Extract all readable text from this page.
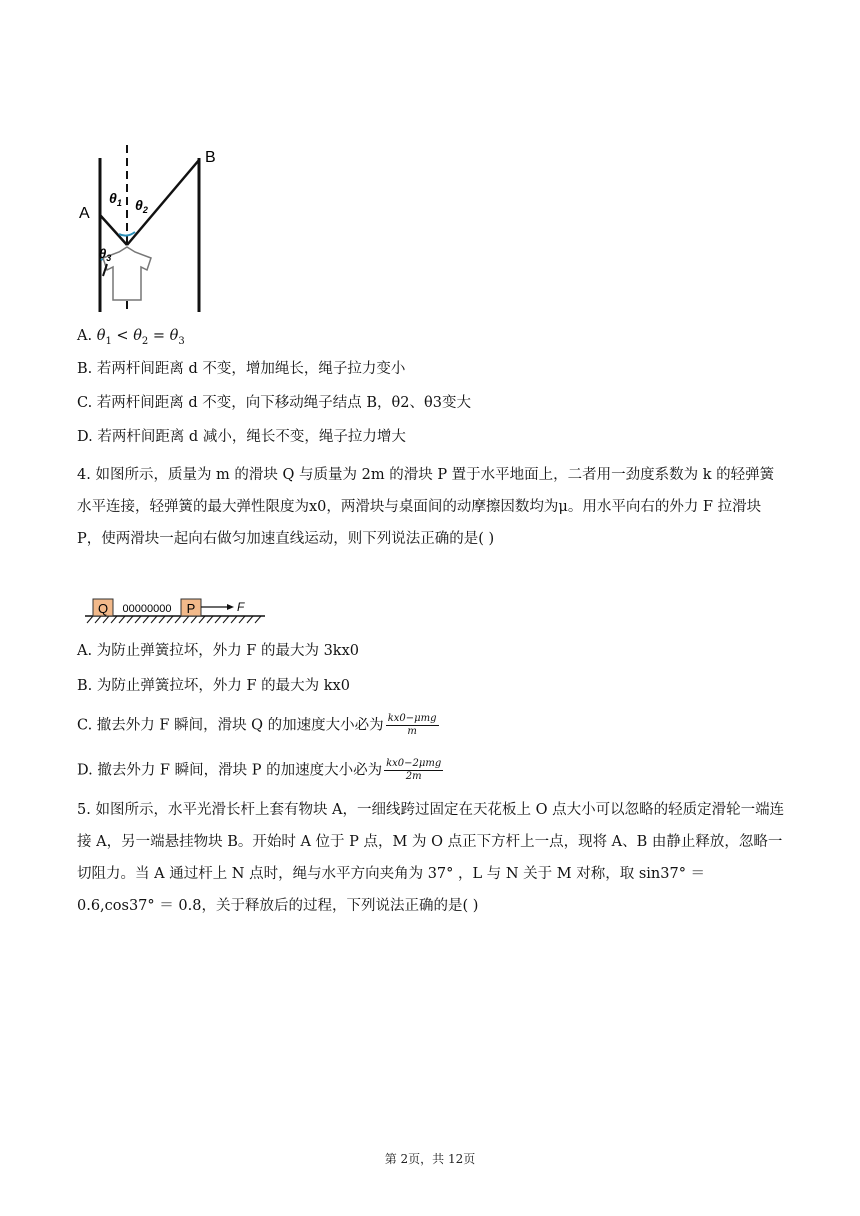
A
B
$\theta_1$ $\theta_2$
$\theta_3$
A. $\theta_1 < \theta_2 = \theta_3$
B. 若两杆间距离 d 不变，增加绳长，绳子拉力变小
C. 若两杆间距离 d 不变，向下移动绳子结点 B，θ2、θ3变大
D. 若两杆间距离 d 减小，绳长不变，绳子拉力增大
4. 如图所示，质量为 m 的滑块 Q 与质量为 2m 的滑块 P 置于水平地面上，二者用一劲度系数为 k 的轻弹簧水平连接，轻弹簧的最大弹性限度为x0，两滑块与桌面间的动摩擦因数均为μ。用水平向右的外力 F 拉滑块 P，使两滑块一起向右做匀加速直线运动，则下列说法正确的是( )
Q 00000000 P	F
A. 为防止弹簧拉坏，外力 F 的最大为 3kx0
B. 为防止弹簧拉坏，外力 F 的最大为 kx0
C. 撤去外力 F 瞬间，滑块 Q 的加速度大小必为 $\frac{\text{kx0−μmg}}{m}$
D. 撤去外力 F 瞬间，滑块 P 的加速度大小必为 $\frac{\text{kx0−2μmg}}{2m}$
5. 如图所示，水平光滑长杆上套有物块 A，一细线跨过固定在天花板上 O 点大小可以忽略的轻质定滑轮一端连接 A，另一端悬挂物块 B。开始时 A 位于 P 点，M 为 O 点正下方杆上一点，现将 A、B 由静止释放，忽略一切阻力。当 A 通过杆上 N 点时，绳与水平方向夹角为 37° ，L 与 N 关于 M 对称，取 sin37° ＝ 0.6,cos37° ＝ 0.8，关于释放后的过程，下列说法正确的是( )
第 2页，共 12页
